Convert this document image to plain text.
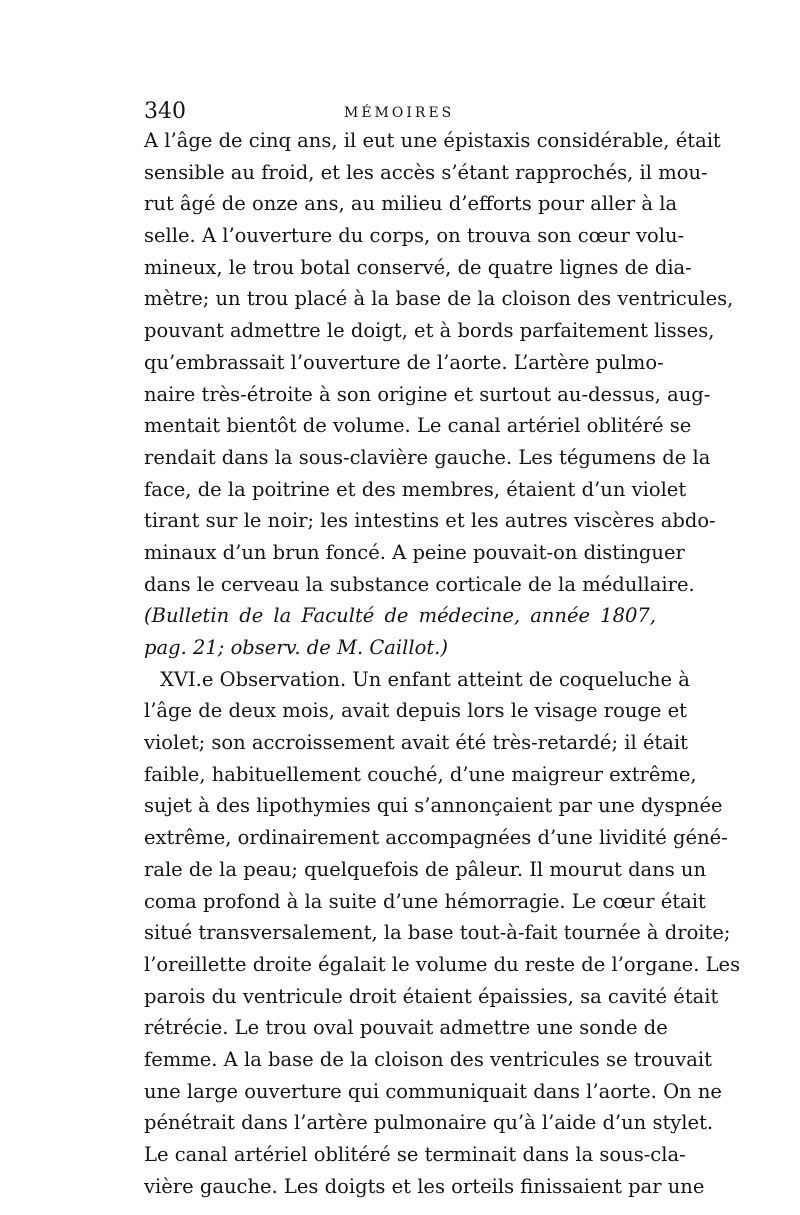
340	MÉMOIRES
A l’âge de cinq ans, il eut une épistaxis considérable, était
sensible au froid, et les accès s’étant rapprochés, il mou-
rut âgé de onze ans, au milieu d’efforts pour aller à la
selle. A l’ouverture du corps, on trouva son cœur volu-
mineux, le trou botal conservé, de quatre lignes de dia-
mètre; un trou placé à la base de la cloison des ventricules,
pouvant admettre le doigt, et à bords parfaitement lisses,
qu’embrassait l’ouverture de l’aorte. L’artère pulmo-
naire très-étroite à son origine et surtout au-dessus, aug-
mentait bientôt de volume. Le canal artériel oblitéré se
rendait dans la sous-clavière gauche. Les tégumens de la
face, de la poitrine et des membres, étaient d’un violet
tirant sur le noir; les intestins et les autres viscères abdo-
minaux d’un brun foncé. A peine pouvait-on distinguer
dans le cerveau la substance corticale de la médullaire.
(Bulletin de la Faculté de médecine, année 1807,
pag. 21; observ. de M. Caillot.)
XVI.e Observation. Un enfant atteint de coqueluche à
l’âge de deux mois, avait depuis lors le visage rouge et
violet; son accroissement avait été très-retardé; il était
faible, habituellement couché, d’une maigreur extrême,
sujet à des lipothymies qui s’annonçaient par une dyspnée
extrême, ordinairement accompagnées d’une lividité géné-
rale de la peau; quelquefois de pâleur. Il mourut dans un
coma profond à la suite d’une hémorragie. Le cœur était
situé transversalement, la base tout-à-fait tournée à droite;
l’oreillette droite égalait le volume du reste de l’organe. Les
parois du ventricule droit étaient épaissies, sa cavité était
rétrécie. Le trou oval pouvait admettre une sonde de
femme. A la base de la cloison des ventricules se trouvait
une large ouverture qui communiquait dans l’aorte. On ne
pénétrait dans l’artère pulmonaire qu’à l’aide d’un stylet.
Le canal artériel oblitéré se terminait dans la sous-cla-
vière gauche. Les doigts et les orteils finissaient par une
